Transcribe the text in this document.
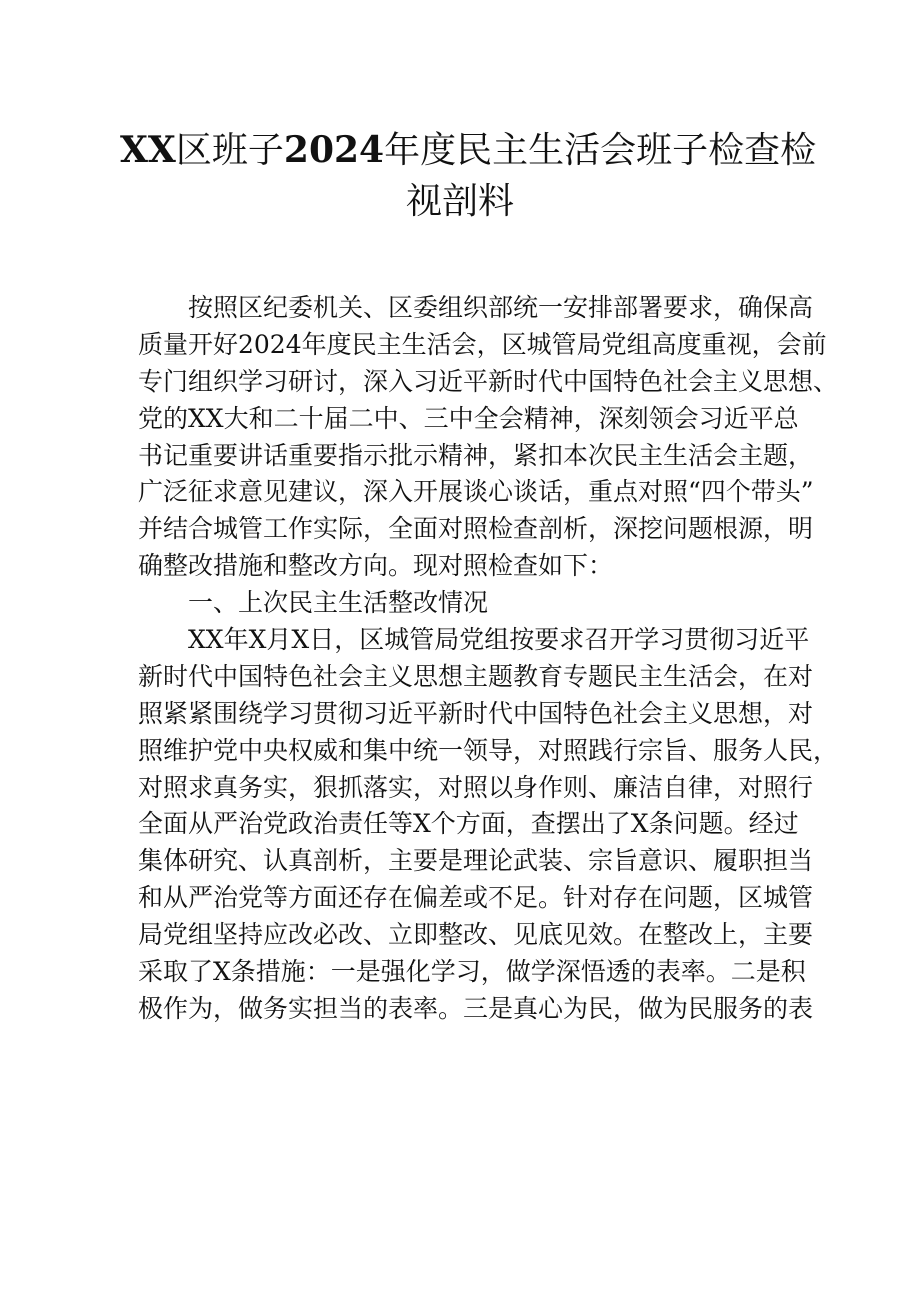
XX区班子2024年度民主生活会班子检查检
视剖料
按照区纪委机关、区委组织部统一安排部署要求，确保高
质量开好2024年度民主生活会，区城管局党组高度重视，会前
专门组织学习研讨，深入习近平新时代中国特色社会主义思想、
党的XX大和二十届二中、三中全会精神，深刻领会习近平总
书记重要讲话重要指示批示精神，紧扣本次民主生活会主题，
广泛征求意见建议，深入开展谈心谈话，重点对照“四个带头”
并结合城管工作实际，全面对照检查剖析，深挖问题根源，明
确整改措施和整改方向。现对照检查如下：
一、上次民主生活整改情况
XX年X月X日，区城管局党组按要求召开学习贯彻习近平
新时代中国特色社会主义思想主题教育专题民主生活会，在对
照紧紧围绕学习贯彻习近平新时代中国特色社会主义思想，对
照维护党中央权威和集中统一领导，对照践行宗旨、服务人民，
对照求真务实，狠抓落实，对照以身作则、廉洁自律，对照行
全面从严治党政治责任等X个方面，查摆出了X条问题。经过
集体研究、认真剖析，主要是理论武装、宗旨意识、履职担当
和从严治党等方面还存在偏差或不足。针对存在问题，区城管
局党组坚持应改必改、立即整改、见底见效。在整改上，主要
采取了X条措施：一是强化学习，做学深悟透的表率。二是积
极作为，做务实担当的表率。三是真心为民，做为民服务的表
